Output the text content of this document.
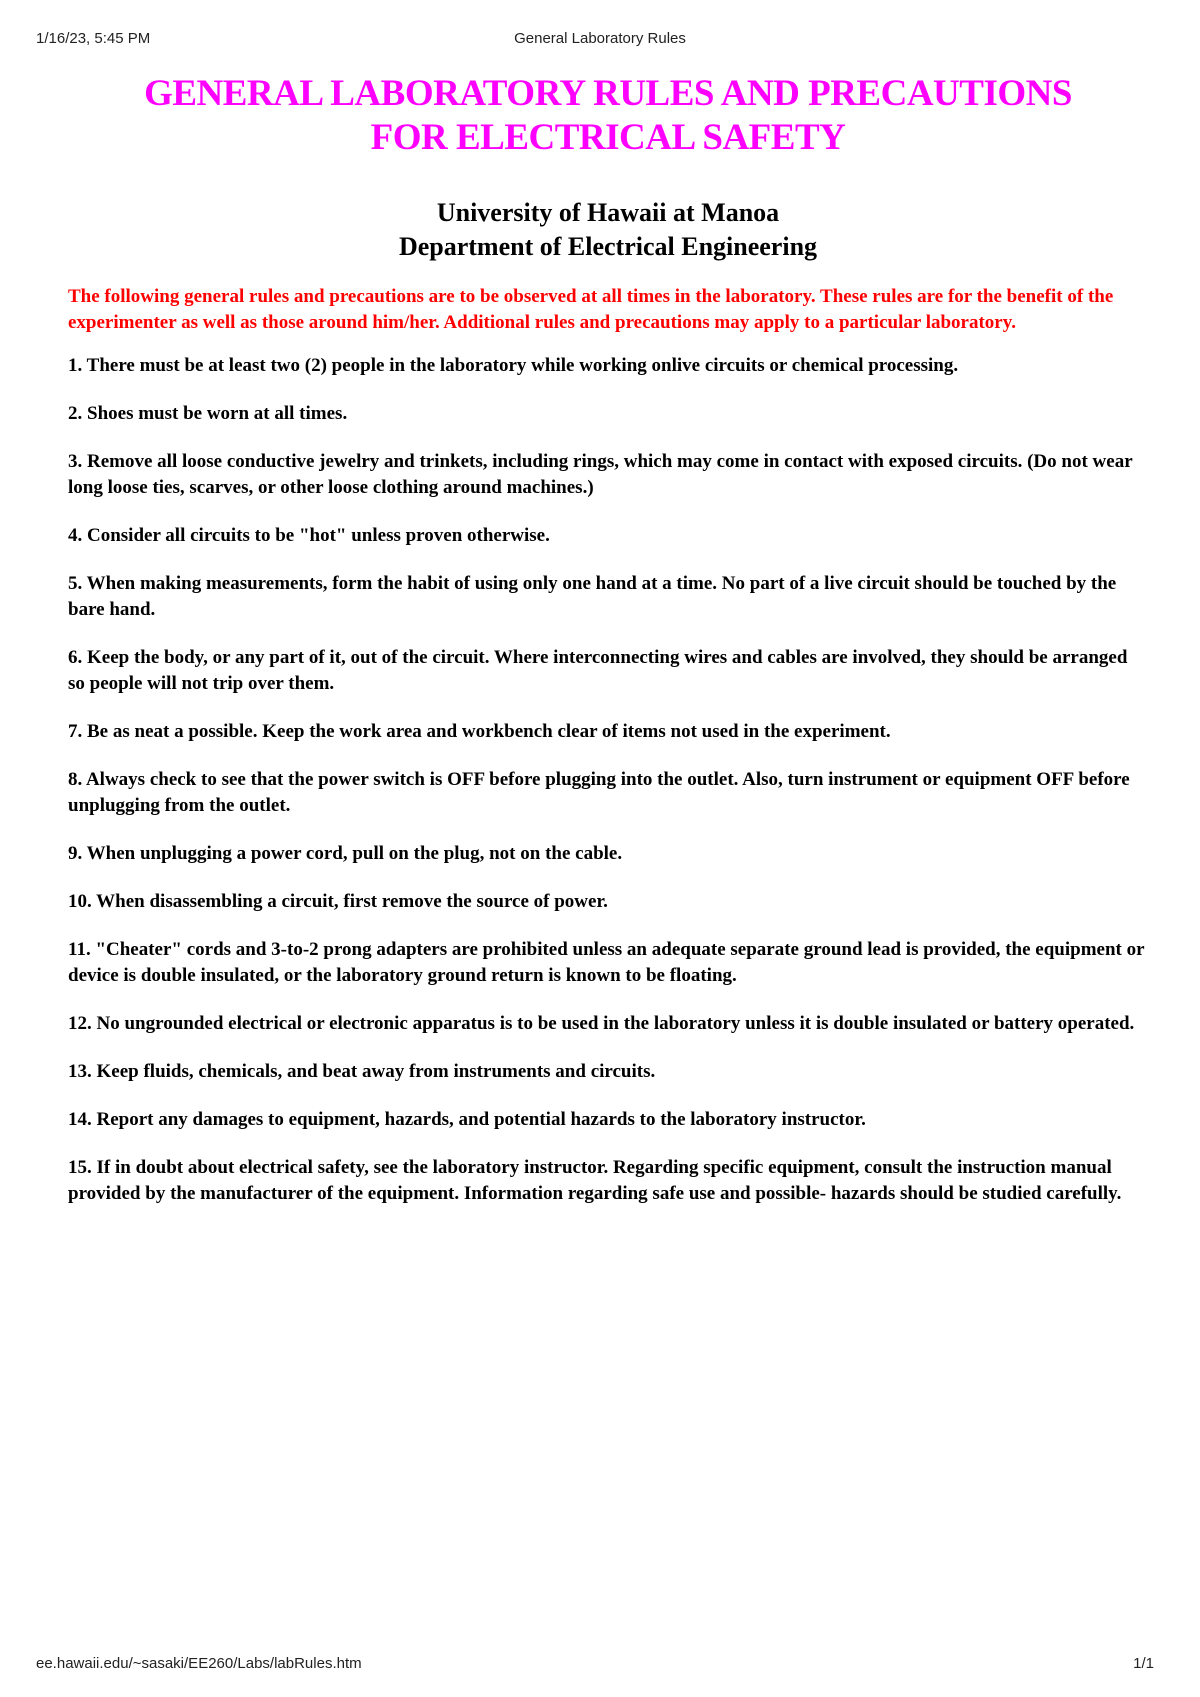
1/16/23, 5:45 PM	General Laboratory Rules
GENERAL LABORATORY RULES AND PRECAUTIONS
FOR ELECTRICAL SAFETY
University of Hawaii at Manoa
Department of Electrical Engineering

The following general rules and precautions are to be observed at all times in the laboratory. These rules are for the benefit of the experimenter as well as those around him/her. Additional rules and precautions may apply to a particular laboratory.

1. There must be at least two (2) people in the laboratory while working onlive circuits or chemical processing.
2. Shoes must be worn at all times.
3. Remove all loose conductive jewelry and trinkets, including rings, which may come in contact with exposed circuits. (Do not wear long loose ties, scarves, or other loose clothing around machines.)
4. Consider all circuits to be "hot" unless proven otherwise.
5. When making measurements, form the habit of using only one hand at a time. No part of a live circuit should be touched by the bare hand.
6. Keep the body, or any part of it, out of the circuit. Where interconnecting wires and cables are involved, they should be arranged so people will not trip over them.
7. Be as neat a possible. Keep the work area and workbench clear of items not used in the experiment.
8. Always check to see that the power switch is OFF before plugging into the outlet. Also, turn instrument or equipment OFF before unplugging from the outlet.
9. When unplugging a power cord, pull on the plug, not on the cable.
10. When disassembling a circuit, first remove the source of power.
11. "Cheater" cords and 3-to-2 prong adapters are prohibited unless an adequate separate ground lead is provided, the equipment or device is double insulated, or the laboratory ground return is known to be floating.
12. No ungrounded electrical or electronic apparatus is to be used in the laboratory unless it is double insulated or battery operated.
13. Keep fluids, chemicals, and beat away from instruments and circuits.
14. Report any damages to equipment, hazards, and potential hazards to the laboratory instructor.
15. If in doubt about electrical safety, see the laboratory instructor. Regarding specific equipment, consult the instruction manual provided by the manufacturer of the equipment. Information regarding safe use and possible- hazards should be studied carefully.
ee.hawaii.edu/~sasaki/EE260/Labs/labRules.htm	1/1
